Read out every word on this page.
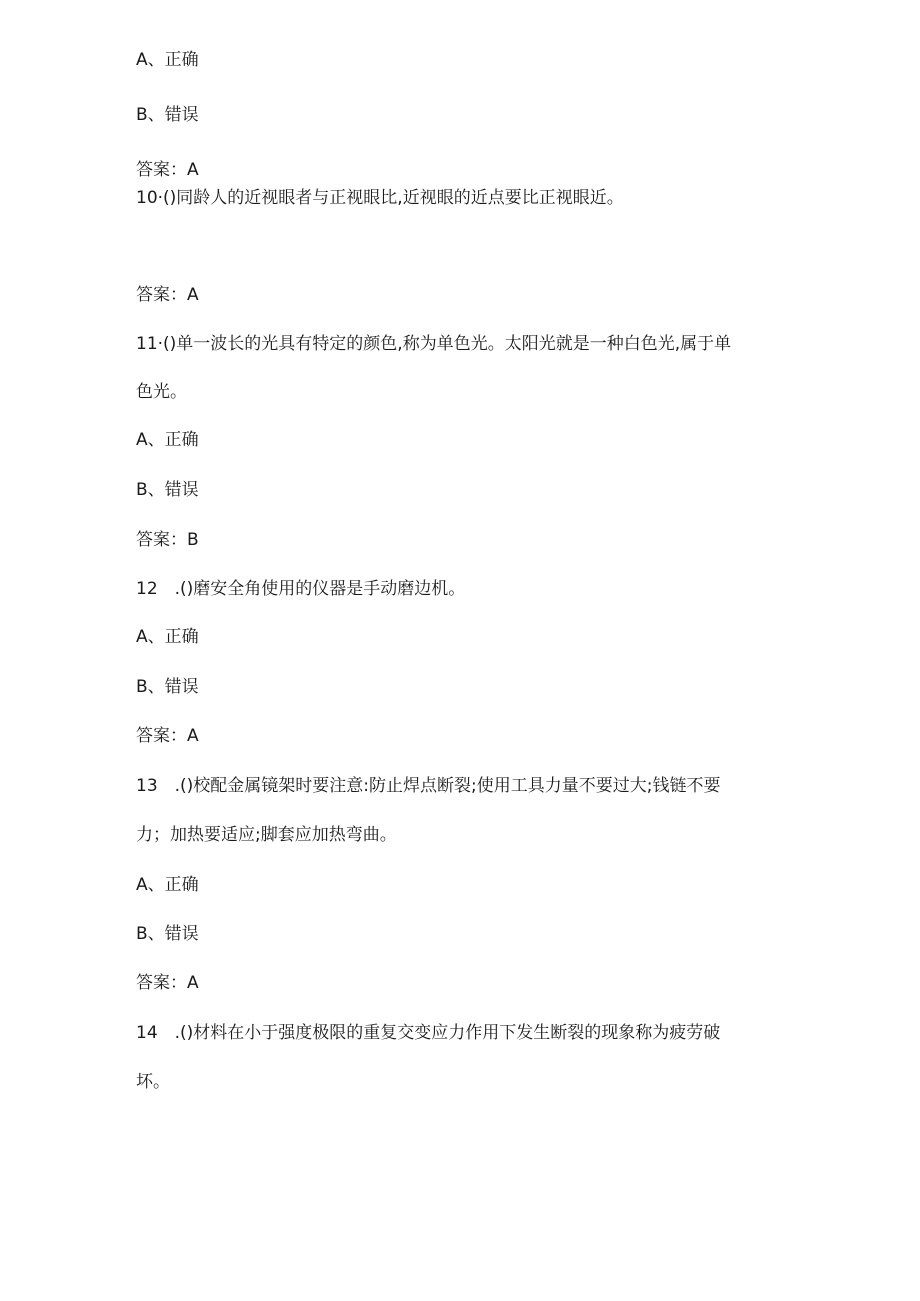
A、正确
B、错误
答案：A
10·()同龄人的近视眼者与正视眼比,近视眼的近点要比正视眼近。
答案：A
11·()单一波长的光具有特定的颜色,称为单色光。太阳光就是一种白色光,属于单
色光。
A、正确
B、错误
答案：B
12　.()磨安全角使用的仪器是手动磨边机。
A、正确
B、错误
答案：A
13　.()校配金属镜架时要注意:防止焊点断裂;使用工具力量不要过大;钱链不要
力；加热要适应;脚套应加热弯曲。
A、正确
B、错误
答案：A
14　.()材料在小于强度极限的重复交变应力作用下发生断裂的现象称为疲劳破
坏。
